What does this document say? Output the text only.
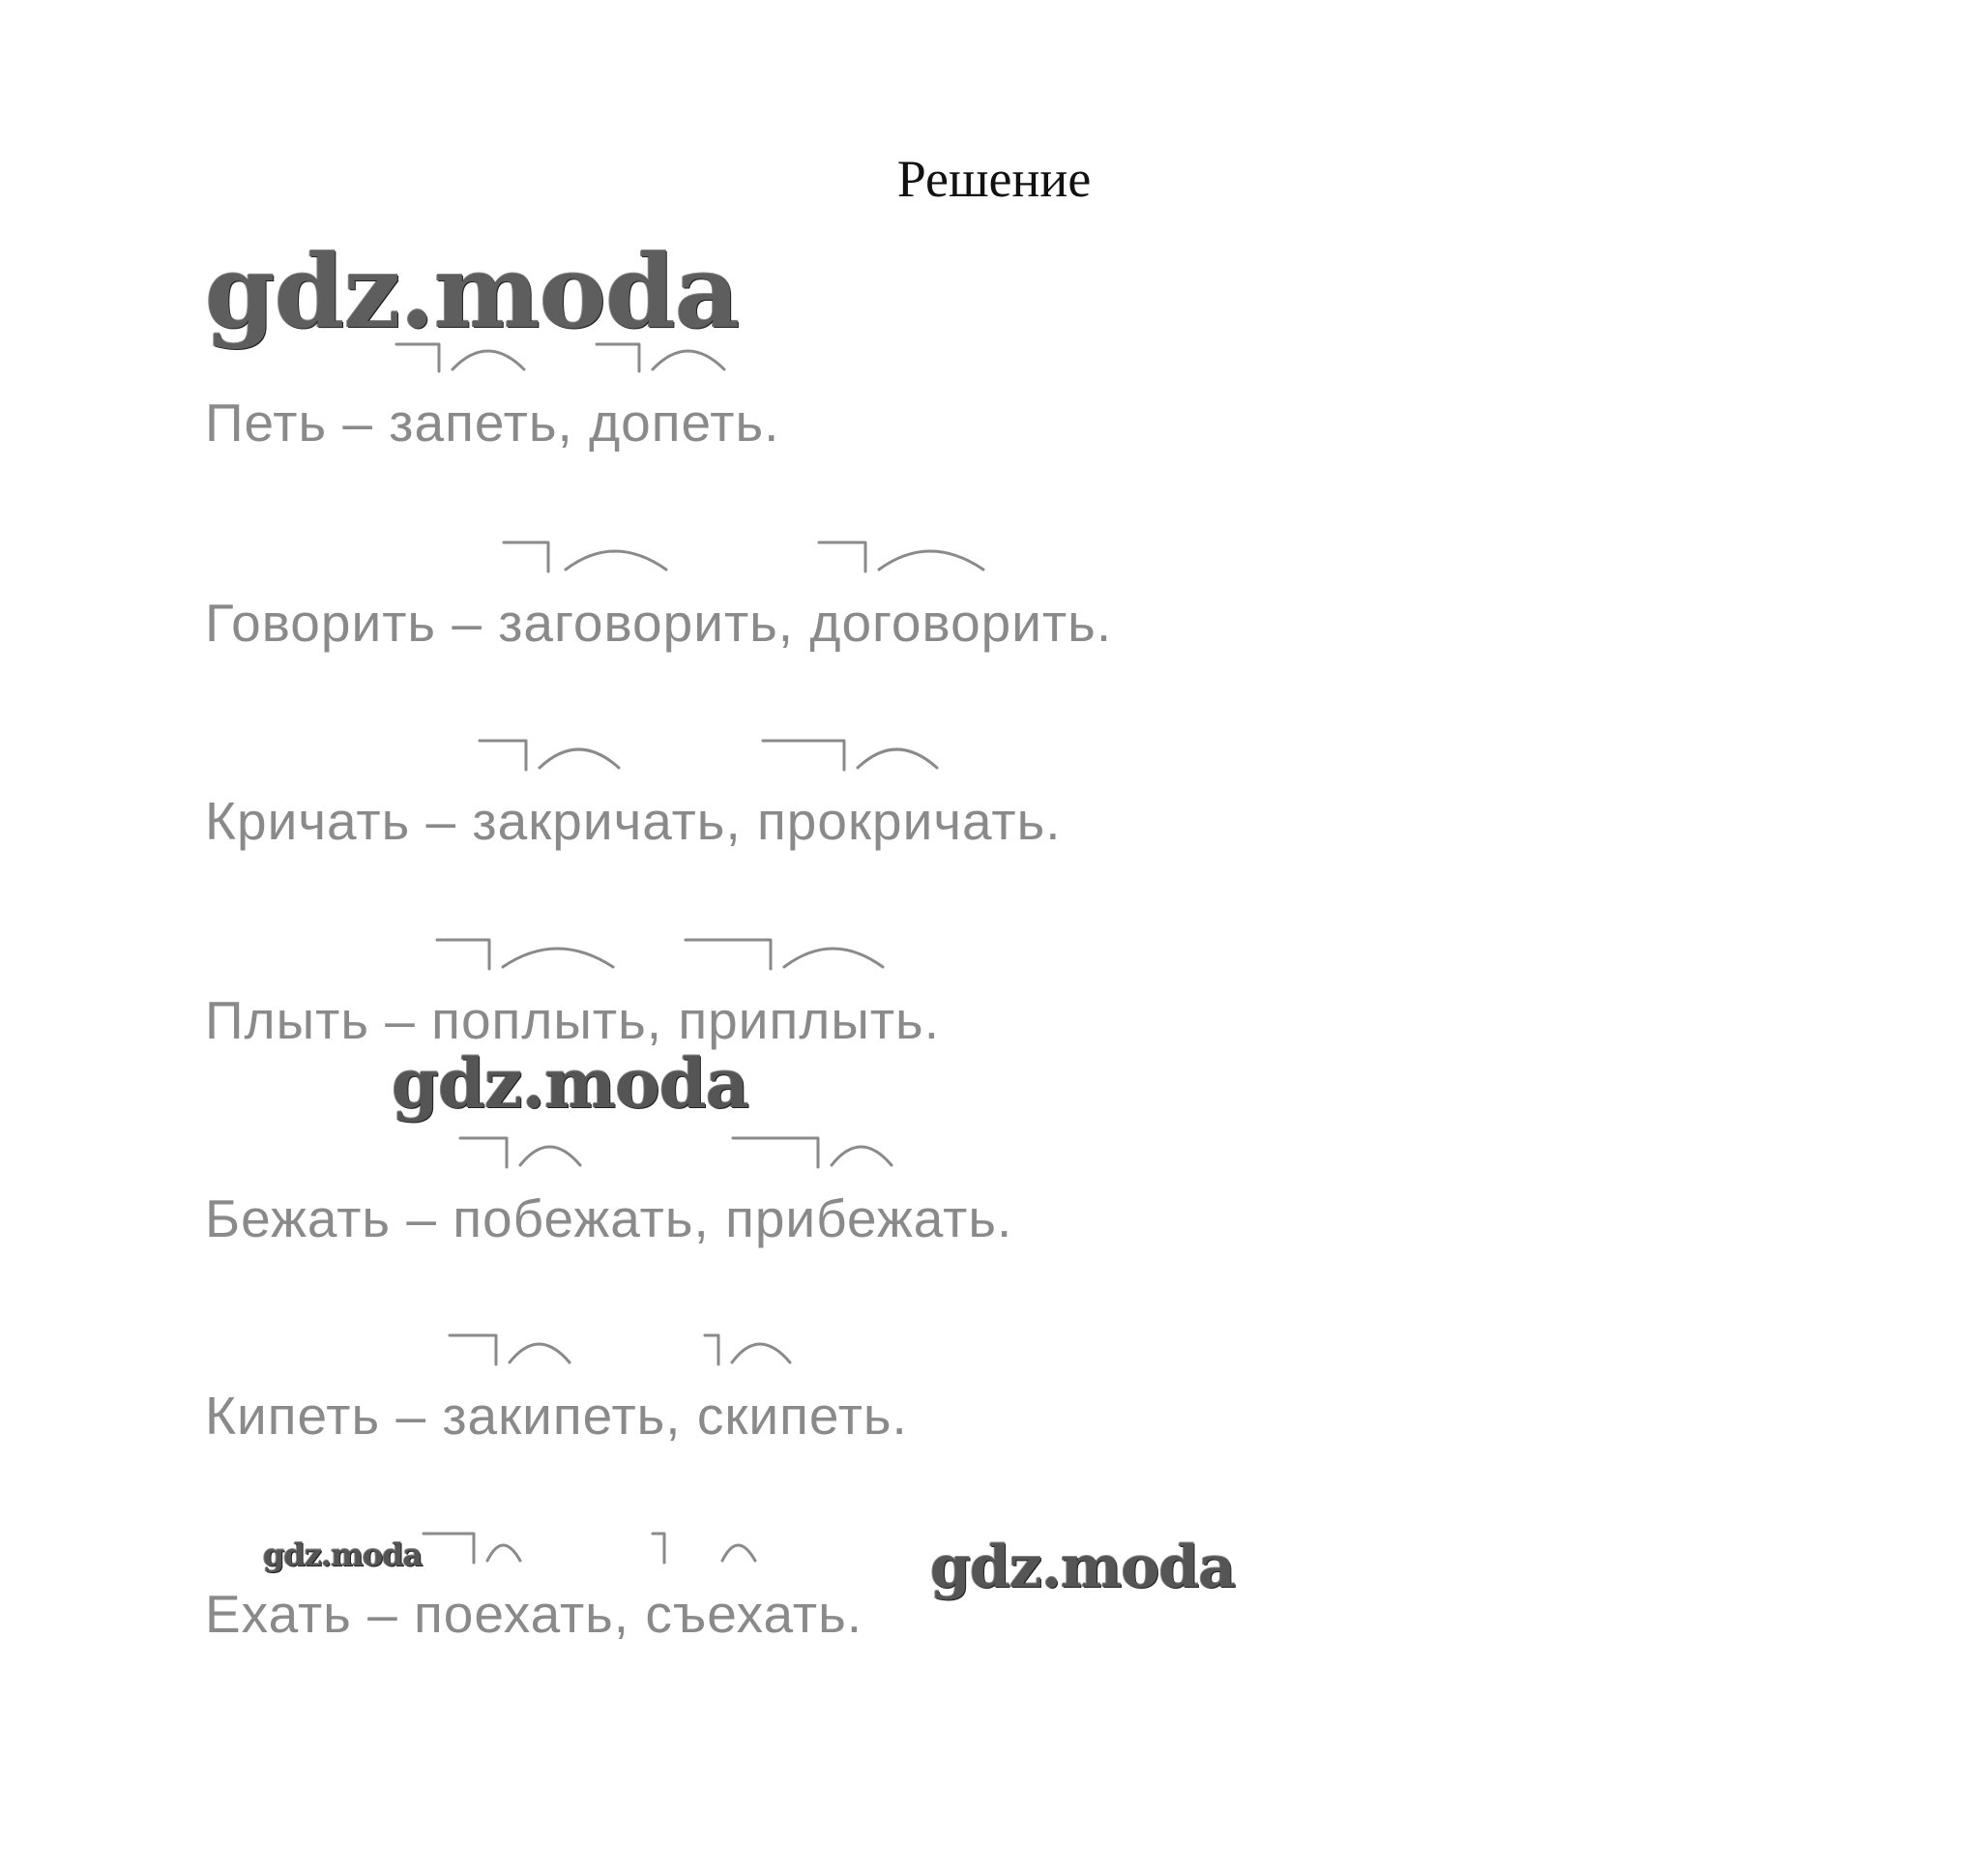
Решение
gdz.moda
Петь – запеть, допеть.
Говорить – заговорить, договорить.
Кричать – закричать, прокричать.
Плыть – поплыть, приплыть.
gdz.moda
Бежать – побежать, прибежать.
Кипеть – закипеть, скипеть.
gdz.moda
Ехать – поехать, съехать.
gdz.moda
